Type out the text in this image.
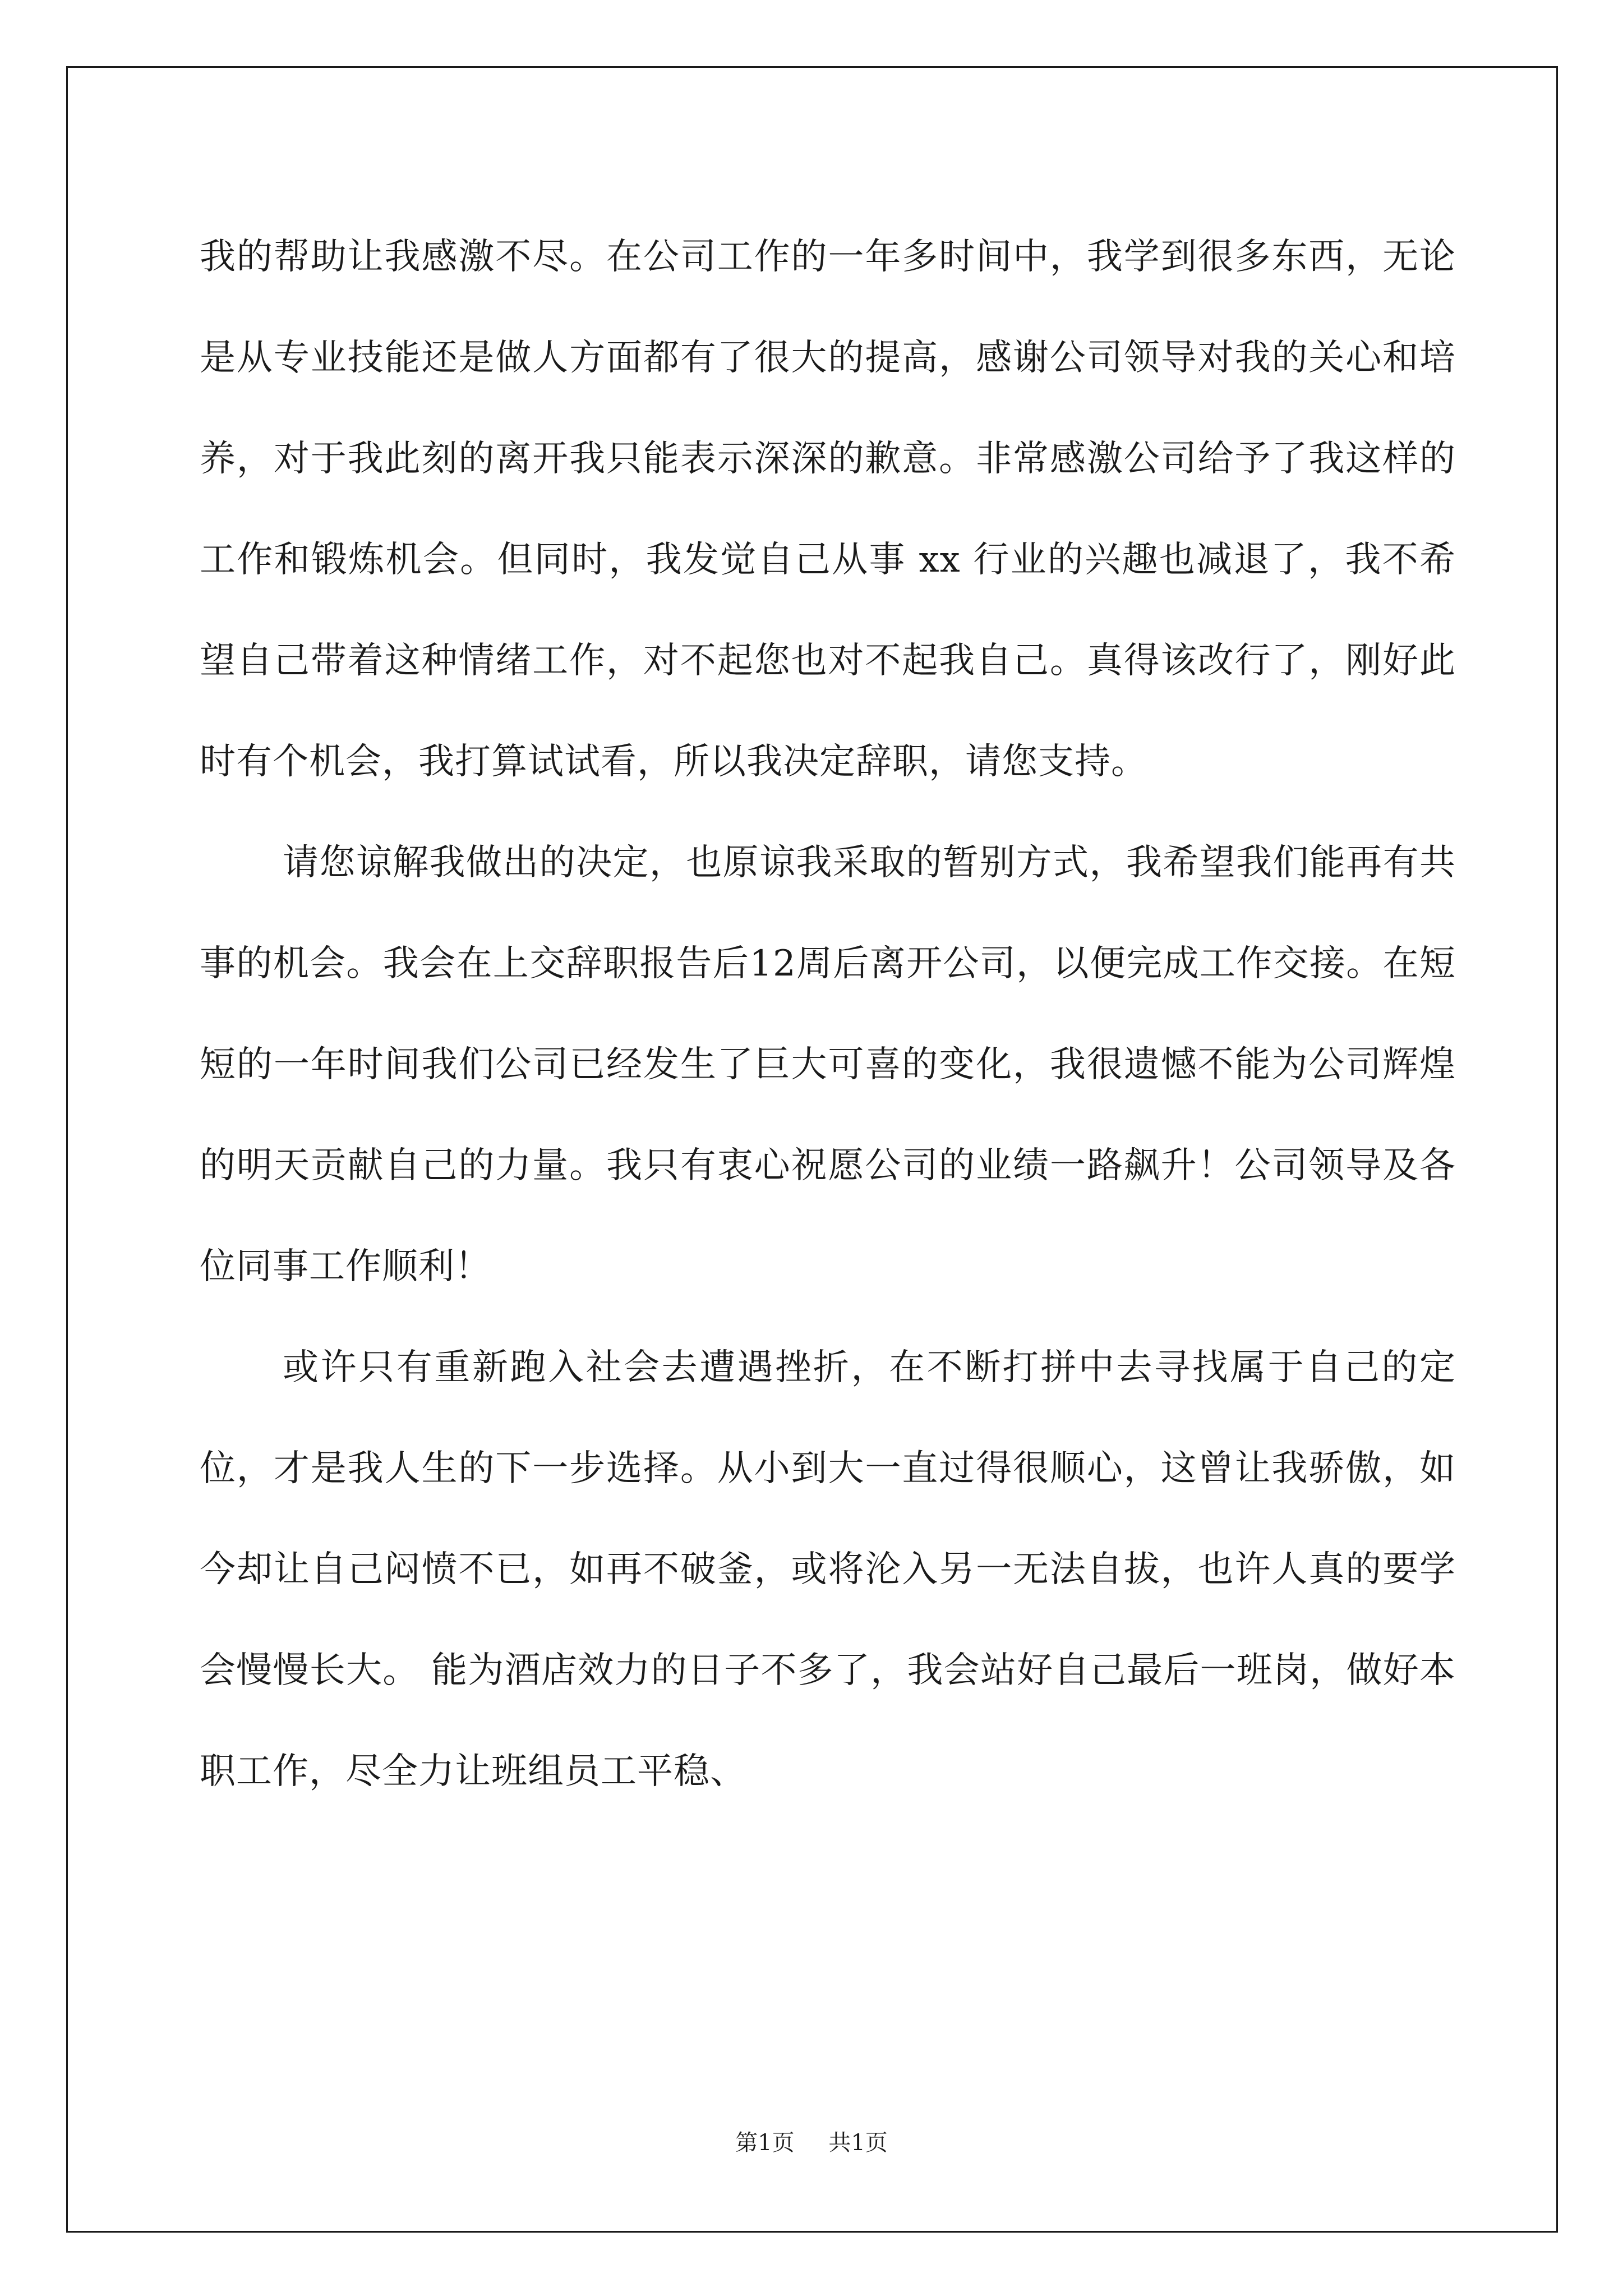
我的帮助让我感激不尽。在公司工作的一年多时间中，我学到很多东西，无论是从专业技能还是做人方面都有了很大的提高，感谢公司领导对我的关心和培养，对于我此刻的离开我只能表示深深的歉意。非常感激公司给予了我这样的工作和锻炼机会。但同时，我发觉自己从事 xx 行业的兴趣也减退了，我不希望自己带着这种情绪工作，对不起您也对不起我自己。真得该改行了，刚好此时有个机会，我打算试试看，所以我决定辞职，请您支持。

请您谅解我做出的决定，也原谅我采取的暂别方式，我希望我们能再有共事的机会。我会在上交辞职报告后12周后离开公司，以便完成工作交接。在短短的一年时间我们公司已经发生了巨大可喜的变化，我很遗憾不能为公司辉煌的明天贡献自己的力量。我只有衷心祝愿公司的业绩一路飙升！公司领导及各位同事工作顺利！

或许只有重新跑入社会去遭遇挫折，在不断打拼中去寻找属于自己的定位，才是我人生的下一步选择。从小到大一直过得很顺心，这曾让我骄傲，如今却让自己闷愤不已，如再不破釜，或将沦入另一无法自拔，也许人真的要学会慢慢长大。 能为酒店效力的日子不多了，我会站好自己最后一班岗，做好本职工作，尽全力让班组员工平稳、

第1页 共1页
